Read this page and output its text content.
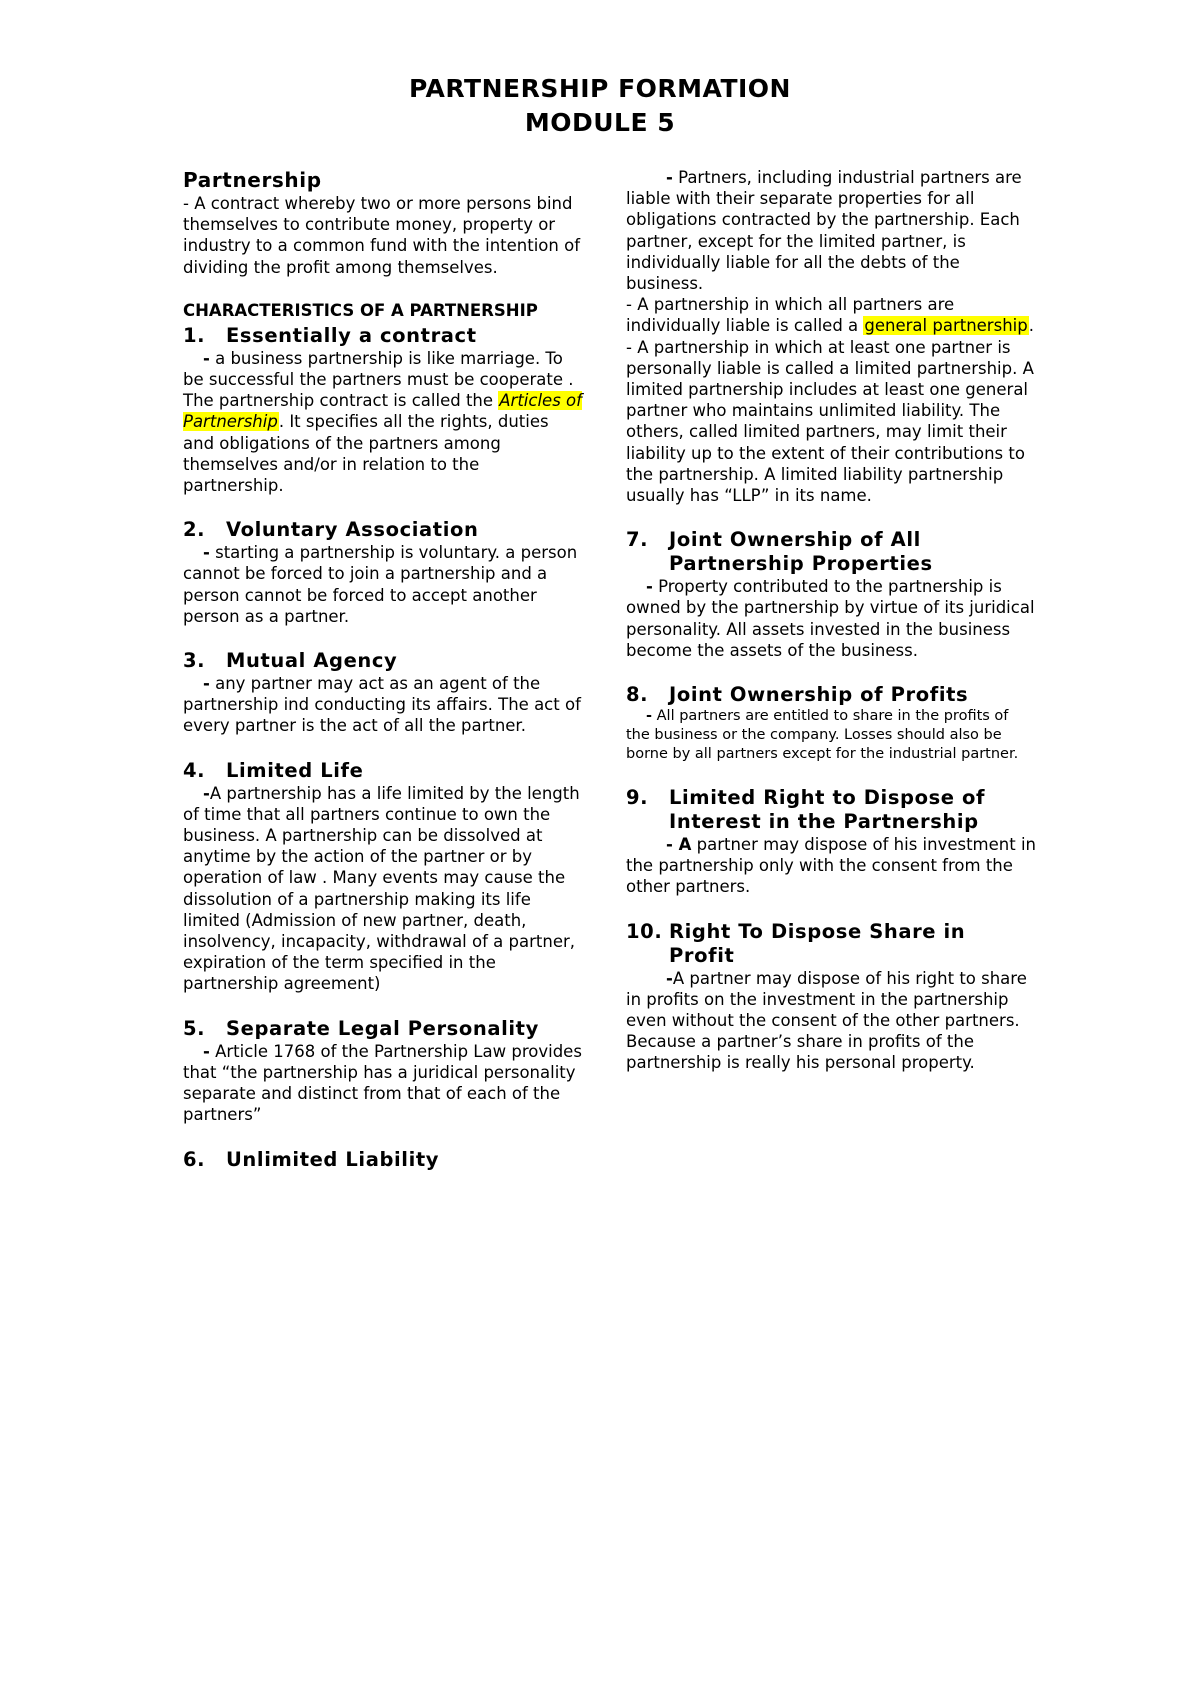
PARTNERSHIP FORMATION
MODULE 5

Partnership

- A contract whereby two or more persons bind themselves to contribute money, property or industry to a common fund with the intention of dividing the profit among themselves.

CHARACTERISTICS OF A PARTNERSHIP

1.	Essentially a contract

- a business partnership is like marriage. To be successful the partners must be cooperate . The partnership contract is called the Articles of Partnership. It specifies all the rights, duties and obligations of the partners among themselves and/or in relation to the partnership.

2.	Voluntary Association

- starting a partnership is voluntary. a person cannot be forced to join a partnership and a person cannot be forced to accept another person as a partner.

3.	Mutual Agency

- any partner may act as an agent of the partnership ind conducting its affairs. The act of every partner is the act of all the partner.

4.	Limited Life

-A partnership has a life limited by the length of time that all partners continue to own the business. A partnership can be dissolved at anytime by the action of the partner or by operation of law . Many events may cause the dissolution of a partnership making its life limited (Admission of new partner, death, insolvency, incapacity, withdrawal of a partner, expiration of the term specified in the partnership agreement)

5.	Separate Legal Personality

- Article 1768 of the Partnership Law provides that “the partnership has a juridical personality separate and distinct from that of each of the partners”

6.	Unlimited Liability

- Partners, including industrial partners are liable with their separate properties for all obligations contracted by the partnership. Each partner, except for the limited partner, is individually liable for all the debts of the business.

- A partnership in which all partners are individually liable is called a general partnership.

- A partnership in which at least one partner is personally liable is called a limited partnership. A limited partnership includes at least one general partner who maintains unlimited liability. The others, called limited partners, may limit their liability up to the extent of their contributions to the partnership. A limited liability partnership usually has “LLP” in its name.

7.	Joint Ownership of All Partnership Properties

- Property contributed to the partnership is owned by the partnership by virtue of its juridical personality. All assets invested in the business become the assets of the business.

8.	Joint Ownership of Profits

- All partners are entitled to share in the profits of the business or the company. Losses should also be borne by all partners except for the industrial partner.

9.	Limited Right to Dispose of Interest in the Partnership

- A partner may dispose of his investment in the partnership only with the consent from the other partners.

10. Right To Dispose Share in Profit

-A partner may dispose of his right to share in profits on the investment in the partnership even without the consent of the other partners. Because a partner’s share in profits of the partnership is really his personal property.
